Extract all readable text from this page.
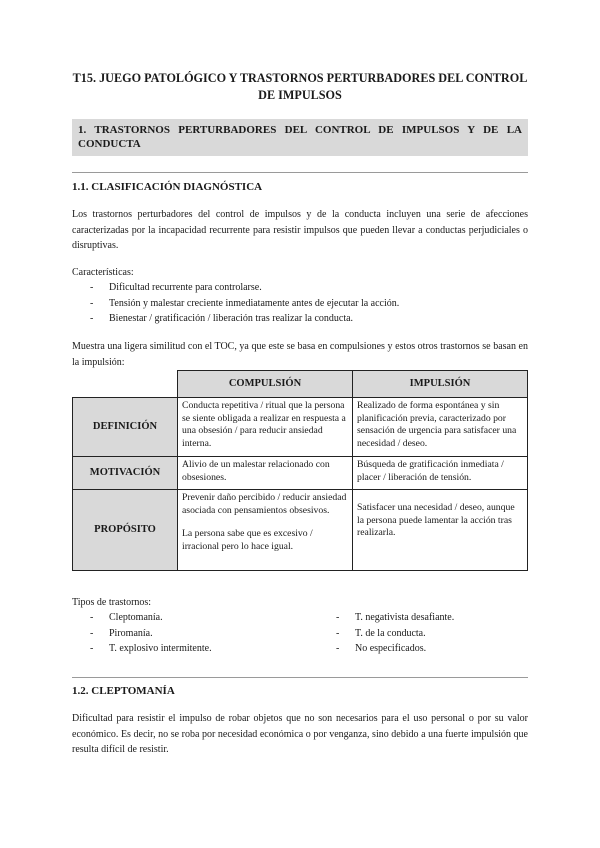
T15. JUEGO PATOLÓGICO Y TRASTORNOS PERTURBADORES DEL CONTROL
DE IMPULSOS
1. TRASTORNOS PERTURBADORES DEL CONTROL DE IMPULSOS Y DE LA CONDUCTA
1.1. CLASIFICACIÓN DIAGNÓSTICA
Los trastornos perturbadores del control de impulsos y de la conducta incluyen una serie de afecciones caracterizadas por la incapacidad recurrente para resistir impulsos que pueden llevar a conductas perjudiciales o disruptivas.
Características:
- Dificultad recurrente para controlarse.
- Tensión y malestar creciente inmediatamente antes de ejecutar la acción.
- Bienestar / gratificación / liberación tras realizar la conducta.
Muestra una ligera similitud con el TOC, ya que este se basa en compulsiones y estos otros trastornos se basan en la impulsión:
	COMPULSIÓN	IMPULSIÓN
DEFINICIÓN	Conducta repetitiva / ritual que la persona se siente obligada a realizar en respuesta a una obsesión / para reducir ansiedad interna.	Realizado de forma espontánea y sin planificación previa, caracterizado por sensación de urgencia para satisfacer una necesidad / deseo.
MOTIVACIÓN	Alivio de un malestar relacionado con obsesiones.	Búsqueda de gratificación inmediata / placer / liberación de tensión.
PROPÓSITO	Prevenir daño percibido / reducir ansiedad asociada con pensamientos obsesivos.
La persona sabe que es excesivo / irracional pero lo hace igual.	Satisfacer una necesidad / deseo, aunque la persona puede lamentar la acción tras realizarla.
Tipos de trastornos:
- Cleptomanía.
- Piromanía.
- T. explosivo intermitente.
- T. negativista desafiante.
- T. de la conducta.
- No especificados.
1.2. CLEPTOMANÍA
Dificultad para resistir el impulso de robar objetos que no son necesarios para el uso personal o por su valor económico. Es decir, no se roba por necesidad económica o por venganza, sino debido a una fuerte impulsión que resulta difícil de resistir.
